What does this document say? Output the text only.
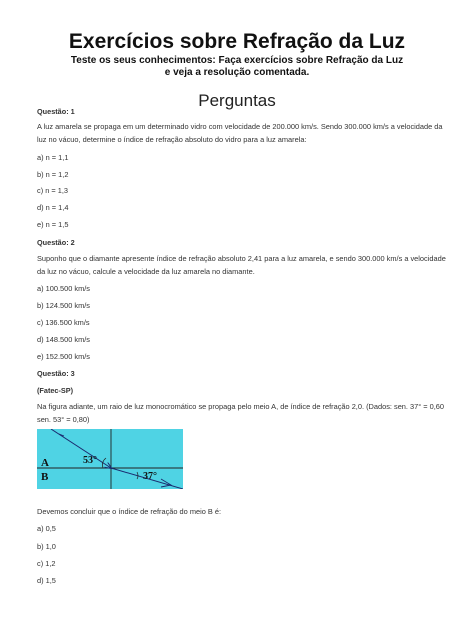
Exercícios sobre Refração da Luz
Teste os seus conhecimentos: Faça exercícios sobre Refração da Luz e veja a resolução comentada.
Perguntas
Questão: 1
A luz amarela se propaga em um determinado vidro com velocidade de 200.000 km/s. Sendo 300.000 km/s a velocidade da luz no vácuo, determine o índice de refração absoluto do vidro para a luz amarela:
a) n = 1,1
b) n = 1,2
c) n = 1,3
d) n = 1,4
e) n = 1,5
Questão: 2
Suponho que o diamante apresente índice de refração absoluto 2,41 para a luz amarela, e sendo 300.000 km/s a velocidade da luz no vácuo, calcule a velocidade da luz amarela no diamante.
a) 100.500 km/s
b) 124.500 km/s
c) 136.500 km/s
d) 148.500 km/s
e) 152.500 km/s
Questão: 3
(Fatec-SP)
Na figura adiante, um raio de luz monocromático se propaga pelo meio A, de índice de refração 2,0. (Dados: sen. 37° = 0,60 sen. 53° = 0,80)
A
B
53°
37°
Devemos concluir que o índice de refração do meio B é:
a) 0,5
b) 1,0
c) 1,2
d) 1,5
